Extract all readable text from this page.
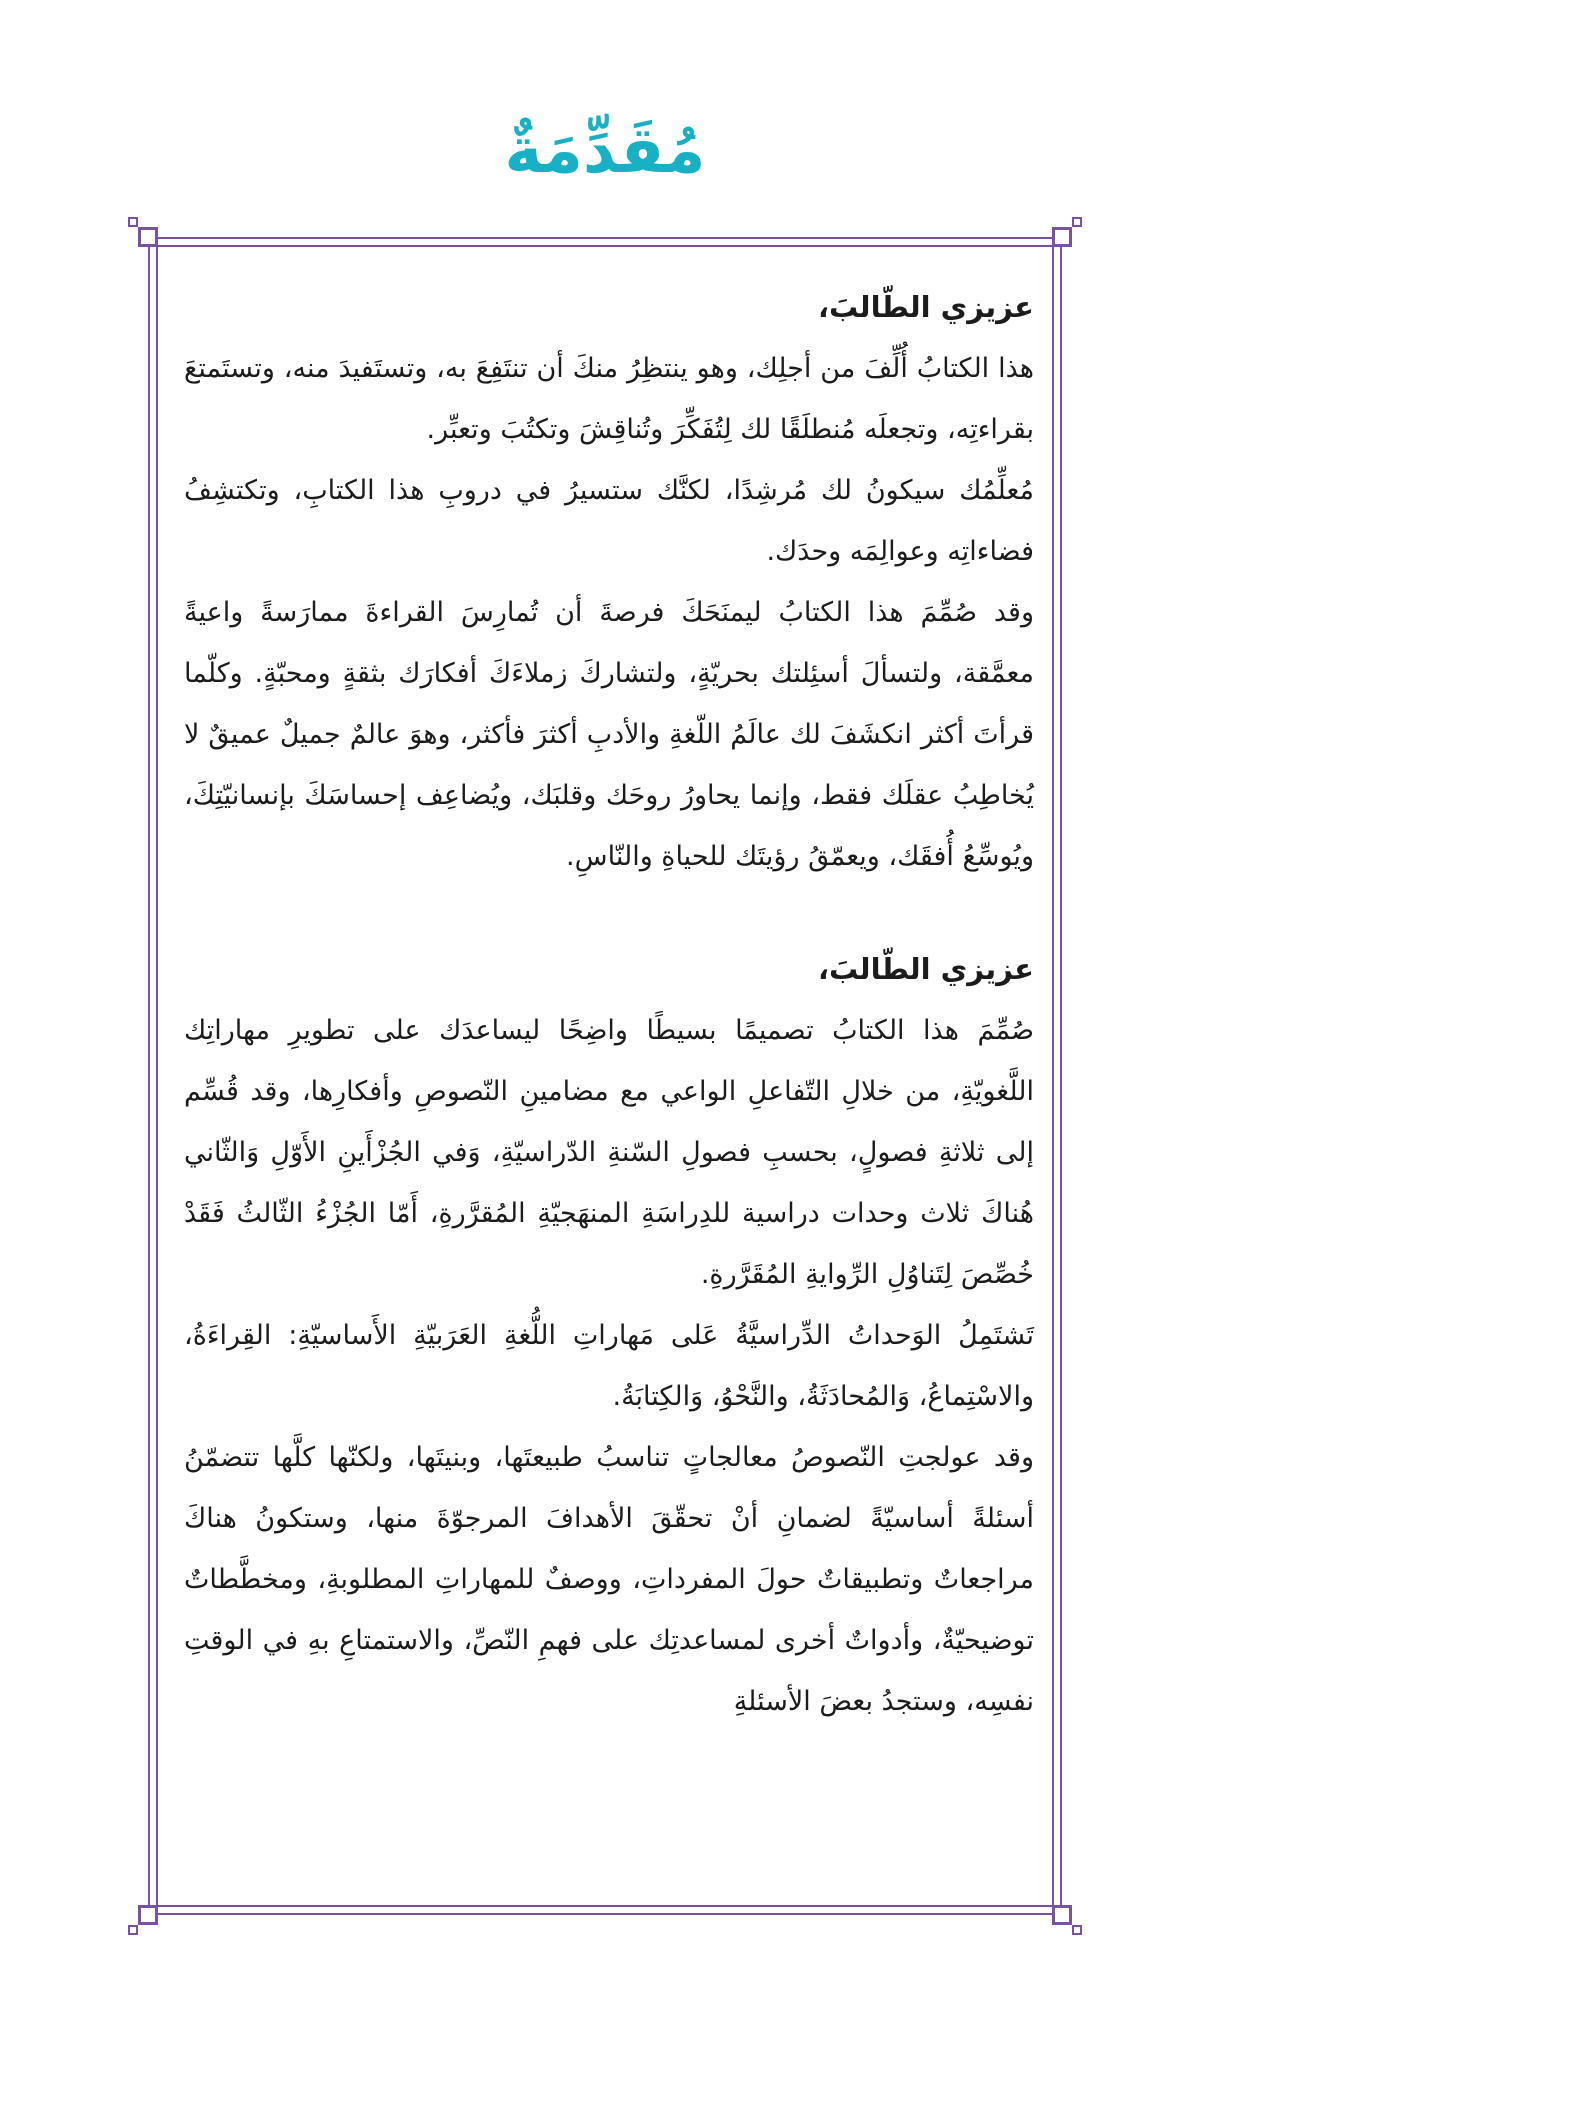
مُقَدِّمَةٌ
عزيزي الطّالبَ،

هذا الكتابُ أُلِّفَ من أجلِك، وهو ينتظِرُ منكَ أن تنتَفِعَ به، وتستَفيدَ منه، وتستَمتعَ بقراءتِه، وتجعلَه مُنطلَقًا لك لِتُفَكِّرَ وتُناقِشَ وتكتُبَ وتعبِّر.

مُعلِّمُك سيكونُ لك مُرشِدًا، لكنَّك ستسيرُ في دروبِ هذا الكتابِ، وتكتشِفُ فضاءاتِه وعوالِمَه وحدَك.

وقد صُمِّمَ هذا الكتابُ ليمنَحَكَ فرصةَ أن تُمارِسَ القراءةَ ممارَسةً واعيةً معمَّقة، ولتسألَ أسئِلتك بحريّةٍ، ولتشاركَ زملاءَكَ أفكارَك بثقةٍ ومحبّةٍ. وكلّما قرأتَ أكثر انكشَفَ لك عالَمُ اللّغةِ والأدبِ أكثرَ فأكثر، وهوَ عالمٌ جميلٌ عميقٌ لا يُخاطِبُ عقلَك فقط، وإنما يحاورُ روحَك وقلبَك، ويُضاعِف إحساسَكَ بإنسانيّتِكَ، ويُوسِّعُ أُفقَك، ويعمّقُ رؤيتَك للحياةِ والنّاسِ.

عزيزي الطّالبَ،

صُمِّمَ هذا الكتابُ تصميمًا بسيطًا واضِحًا ليساعدَك على تطويرِ مهاراتِك اللَّغويّةِ، من خلالِ التّفاعلِ الواعي مع مضامينِ النّصوصِ وأفكارِها، وقد قُسِّم إلى ثلاثةِ فصولٍ، بحسبِ فصولِ السّنةِ الدّراسيّةِ، وَفي الجُزْأَينِ الأَوّلِ وَالثّاني هُناكَ ثلاث وحدات دراسية للدِراسَةِ المنهَجيّةِ المُقرَّرةِ، أَمّا الجُزْءُ الثّالثُ فَقَدْ خُصِّصَ لِتَناوُلِ الرِّوايةِ المُقَرَّرةِ.

تَشتَمِلُ الوَحداتُ الدِّراسيَّةُ عَلى مَهاراتِ اللُّغةِ العَرَبيّةِ الأَساسيّةِ: القِراءَةُ، والاسْتِماعُ، وَالمُحادَثَةُ، والنَّحْوُ، وَالكِتابَةُ.

وقد عولجتِ النّصوصُ معالجاتٍ تناسبُ طبيعتَها، وبنيتَها، ولكنّها كلَّها تتضمّنُ أسئلةً أساسيّةً لضمانِ أنْ تحقّقَ الأهدافَ المرجوّةَ منها، وستكونُ هناكَ مراجعاتٌ وتطبيقاتٌ حولَ المفرداتِ، ووصفٌ للمهاراتِ المطلوبةِ، ومخطَّطاتٌ توضيحيّةٌ، وأدواتٌ أخرى لمساعدتِك على فهمِ النّصِّ، والاستمتاعِ بهِ في الوقتِ نفسِه، وستجدُ بعضَ الأسئلةِ
